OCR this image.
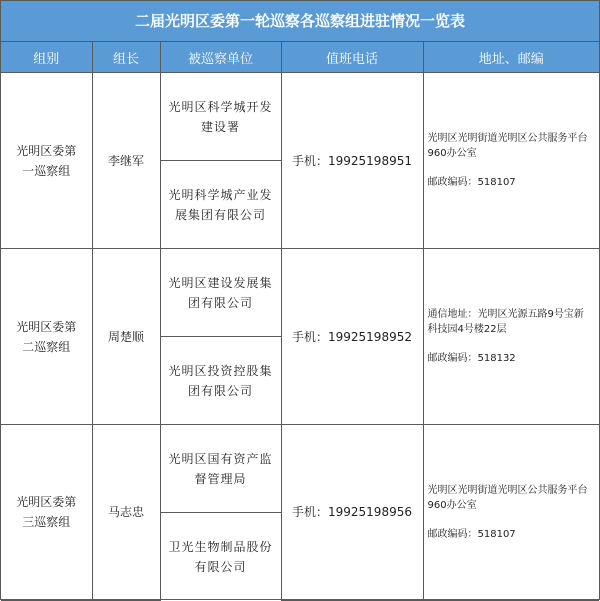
二届光明区委第一轮巡察各巡察组进驻情况一览表
组别	组长	被巡察单位	值班电话	地址、邮编

光明区委第一巡察组	李继军	光明区科学城开发建设署	手机：19925198951	光明区光明街道光明区公共服务平台 960办公室
邮政编码：518107

		光明科学城产业发展集团有限公司		

光明区委第二巡察组	周楚顺	光明区建设发展集团有限公司	手机：19925198952	通信地址：光明区光源五路9号宝新科技园4号楼22层
邮政编码：518132

		光明区投资控股集团有限公司		

光明区委第三巡察组	马志忠	光明区国有资产监督管理局	手机：19925198956	光明区光明街道光明区公共服务平台 960办公室
邮政编码：518107

		卫光生物制品股份有限公司		
